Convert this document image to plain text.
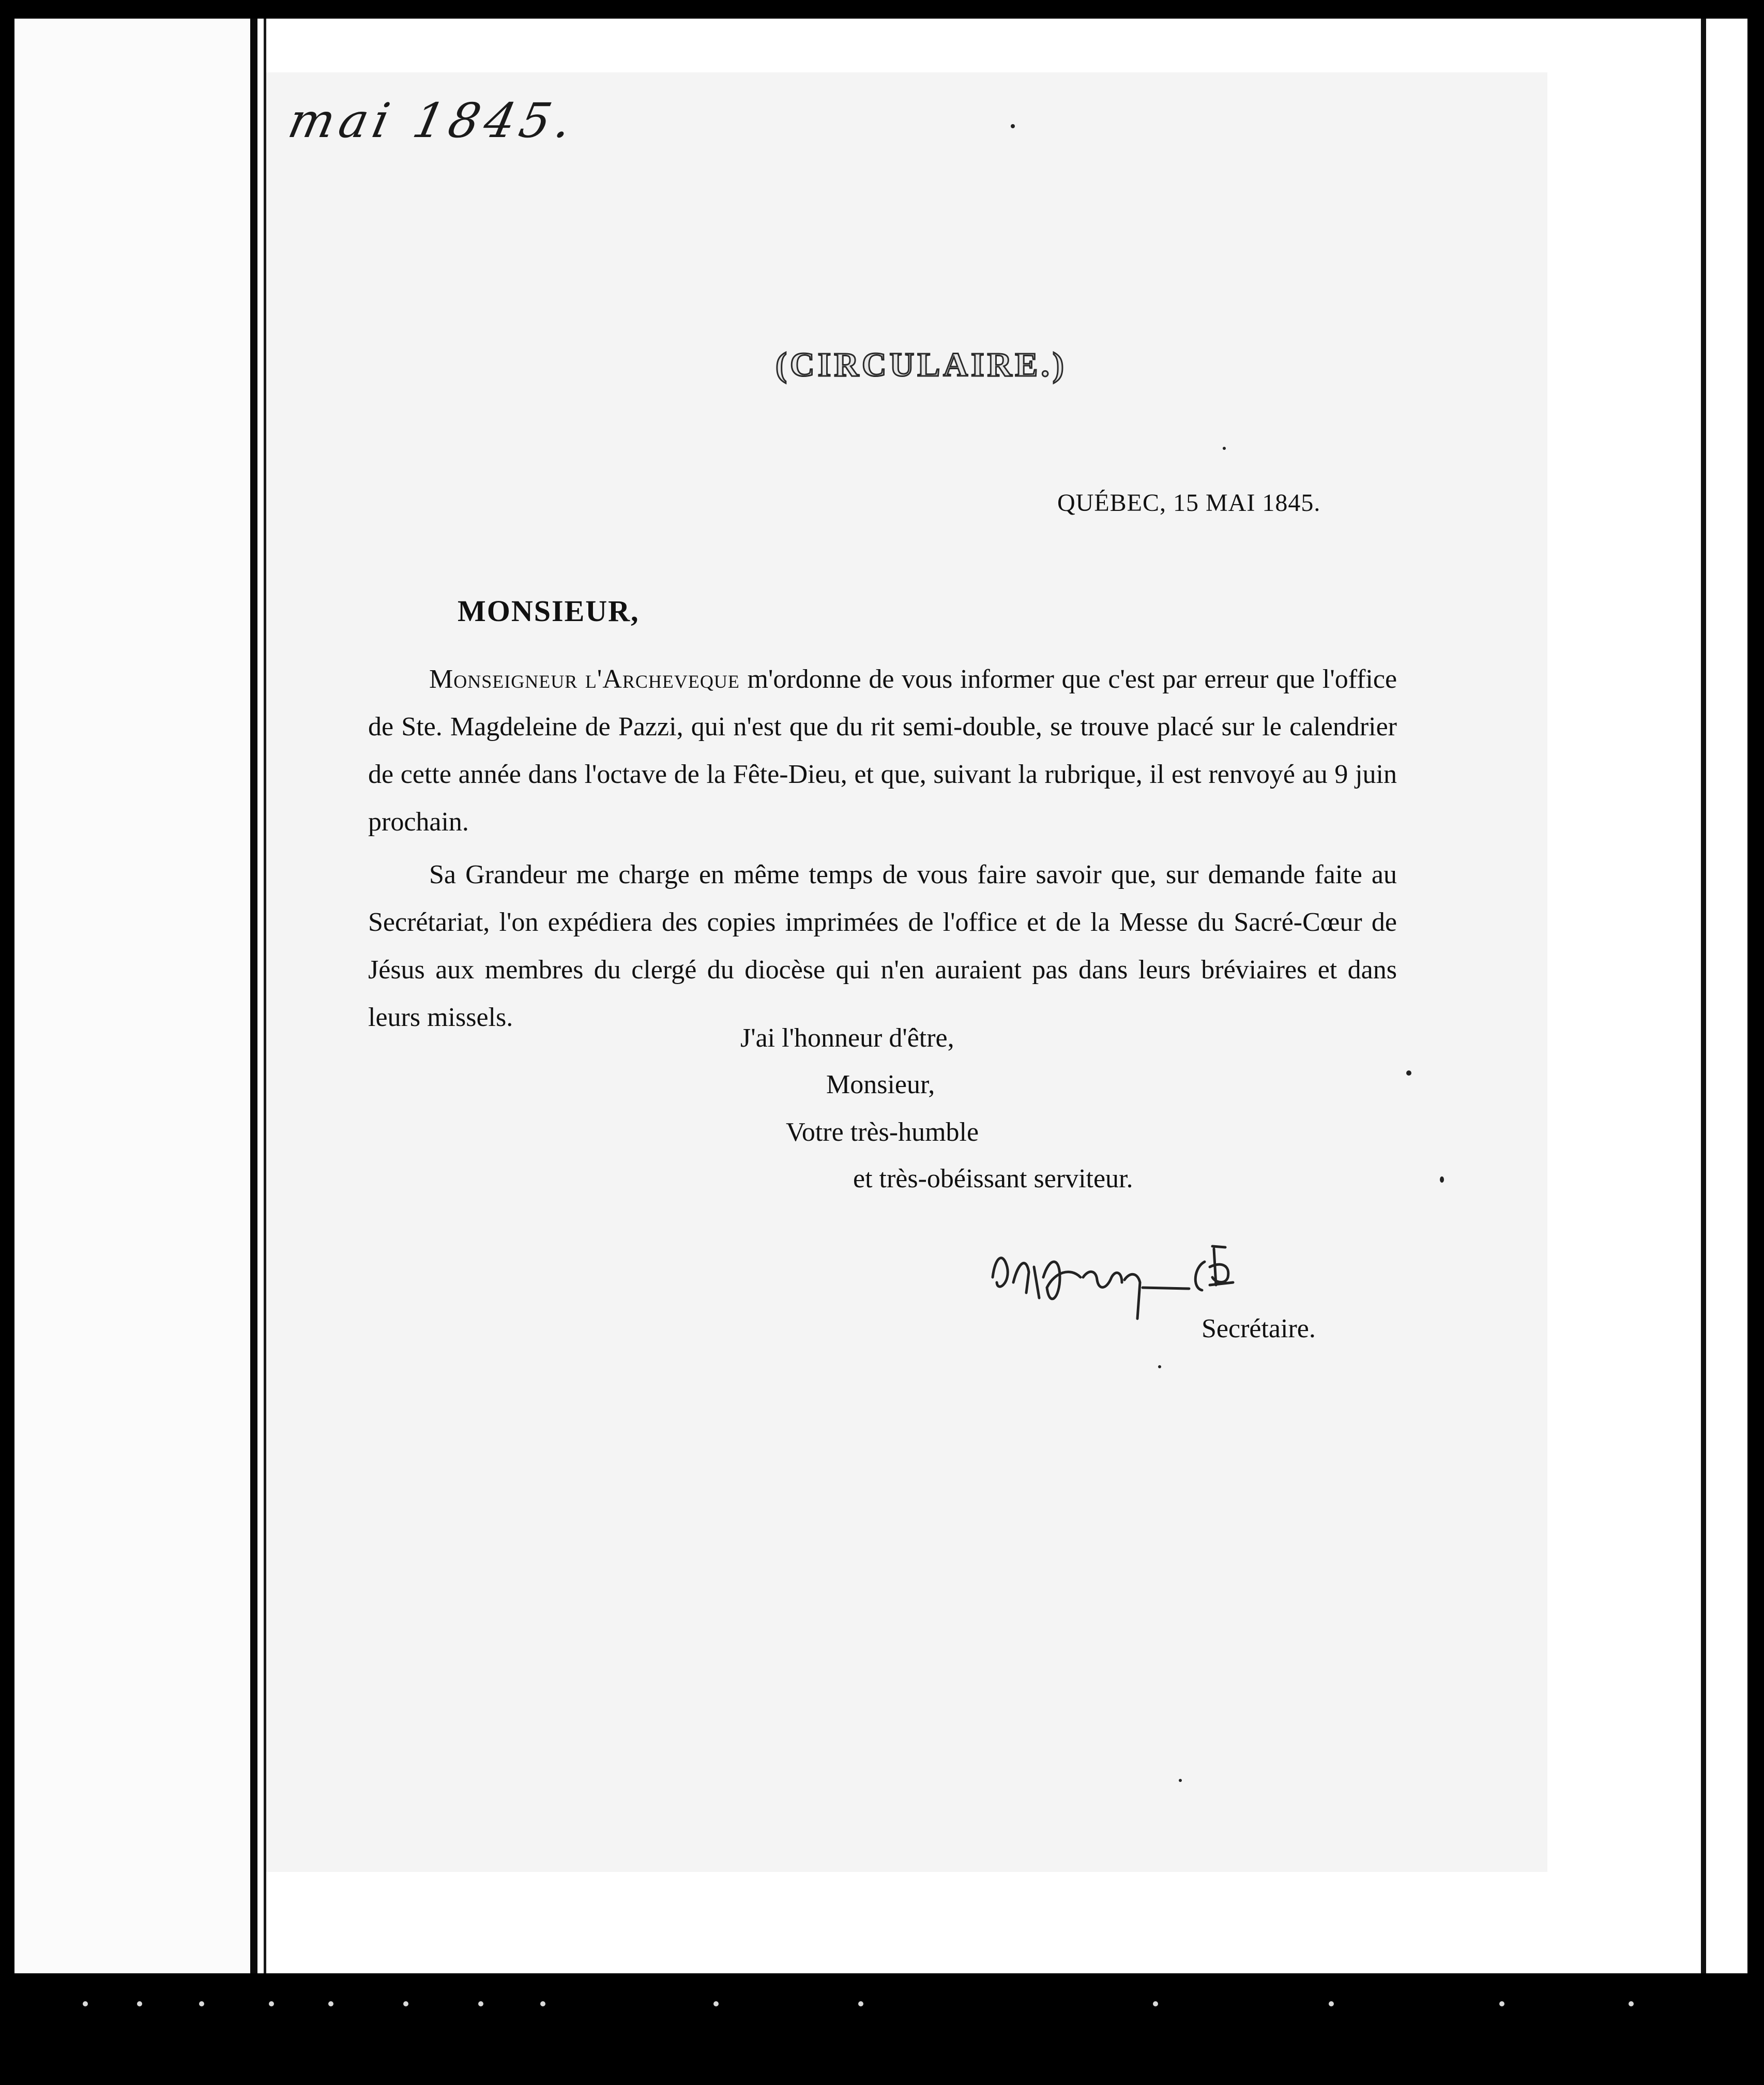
mai 1845.
(CIRCULAIRE.)
QUÉBEC, 15 MAI 1845.
MONSIEUR,

Monseigneur l'Archeveque m'ordonne de vous informer que c'est par erreur que l'office de Ste. Magdeleine de Pazzi, qui n'est que du rit semi-double, se trouve placé sur le calendrier de cette année dans l'octave de la Fête-Dieu, et que, suivant la rubrique, il est renvoyé au 9 juin prochain.

Sa Grandeur me charge en même temps de vous faire savoir que, sur demande faite au Secrétariat, l'on expédiera des copies imprimées de l'office et de la Messe du Sacré-Cœur de Jésus aux membres du clergé du diocèse qui n'en auraient pas dans leurs bréviaires et dans leurs missels.

J'ai l'honneur d'être,
Monsieur,
Votre très-humble
et très-obéissant serviteur.
Secrétaire.
